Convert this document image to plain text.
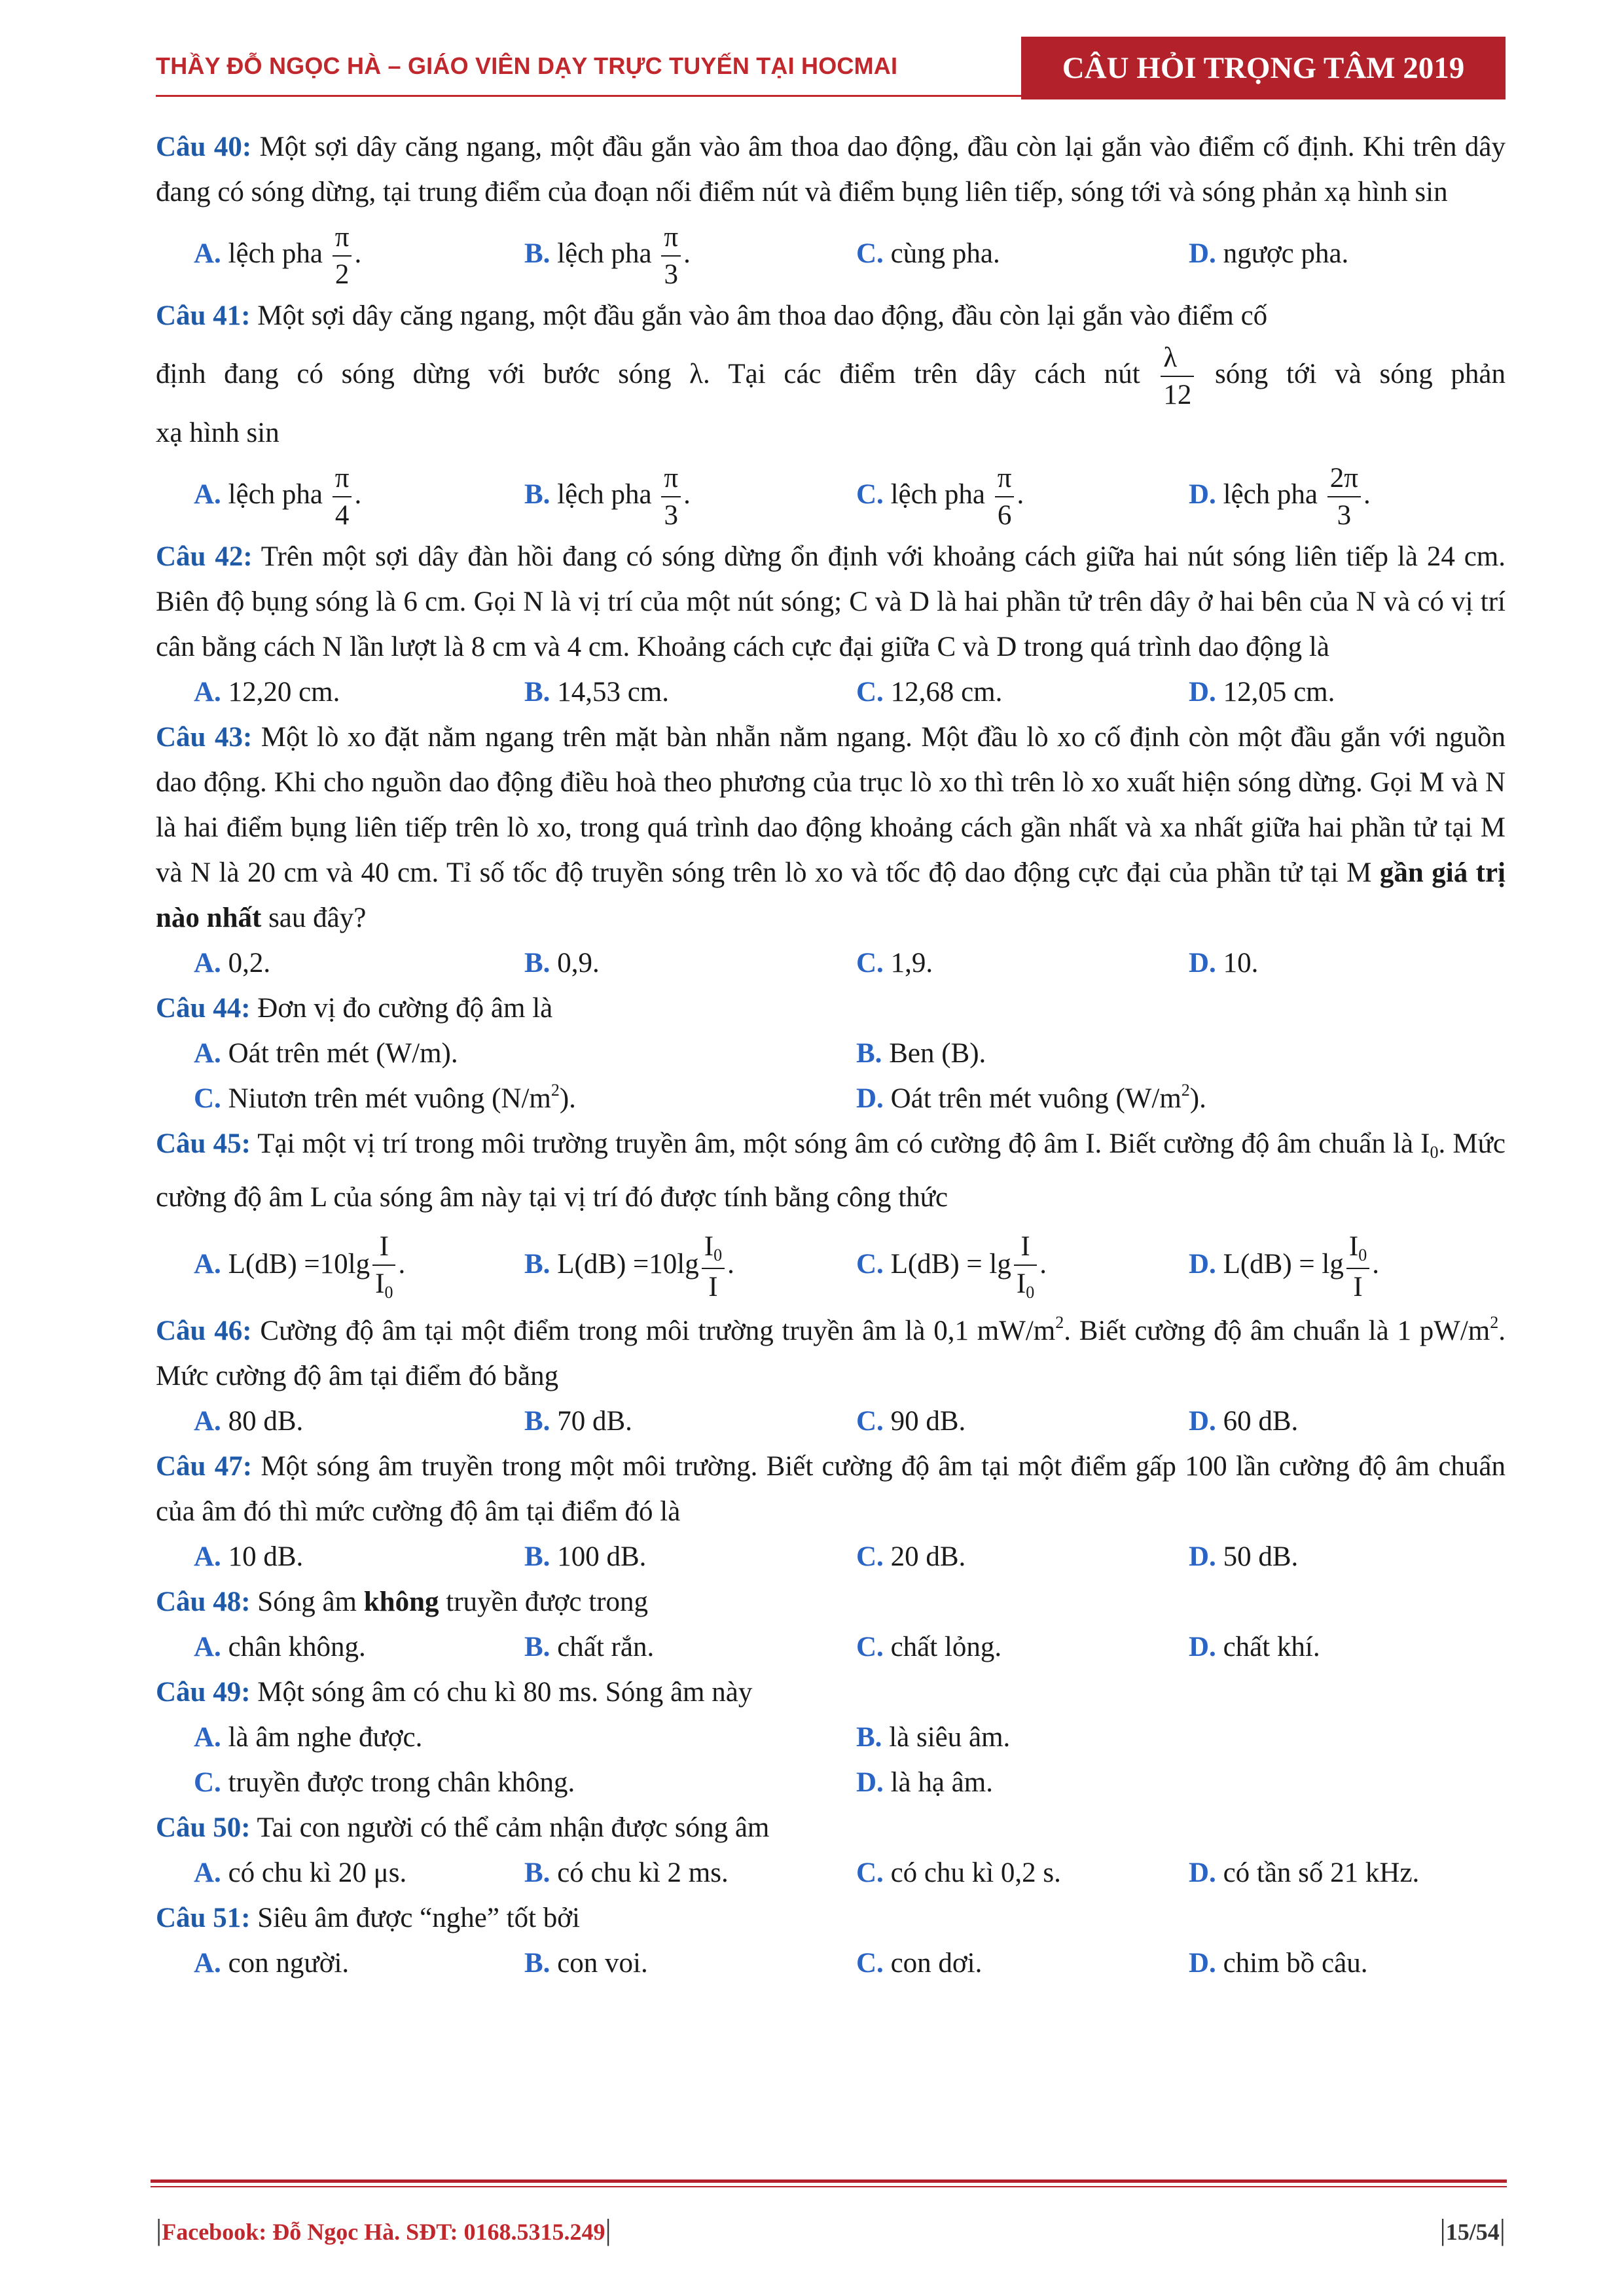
THẦY ĐỖ NGỌC HÀ – GIÁO VIÊN DẠY TRỰC TUYẾN TẠI HOCMAI	CÂU HỎI TRỌNG TÂM 2019

Câu 40: Một sợi dây căng ngang, một đầu gắn vào âm thoa dao động, đầu còn lại gắn vào điểm cố định. Khi trên dây đang có sóng dừng, tại trung điểm của đoạn nối điểm nút và điểm bụng liên tiếp, sóng tới và sóng phản xạ hình sin

A. lệch pha $\frac{\pi}{2}$ .	B. lệch pha $\frac{\pi}{3}$ .	C. cùng pha.	D. ngược pha.

Câu 41: Một sợi dây căng ngang, một đầu gắn vào âm thoa dao động, đầu còn lại gắn vào điểm cố

định đang có sóng dừng với bước sóng λ. Tại các điểm trên dây cách nút $\frac{\lambda}{12}$ sóng tới và sóng phản

xạ hình sin

A. lệch pha $\frac{\pi}{4}$ .	B. lệch pha $\frac{\pi}{3}$ .	C. lệch pha $\frac{\pi}{6}$ .	D. lệch pha $\frac{2\pi}{3}$ .

Câu 42: Trên một sợi dây đàn hồi đang có sóng dừng ổn định với khoảng cách giữa hai nút sóng liên tiếp là 24 cm. Biên độ bụng sóng là 6 cm. Gọi N là vị trí của một nút sóng; C và D là hai phần tử trên dây ở hai bên của N và có vị trí cân bằng cách N lần lượt là 8 cm và 4 cm. Khoảng cách cực đại giữa C và D trong quá trình dao động là

A. 12,20 cm.	B. 14,53 cm.	C. 12,68 cm.	D. 12,05 cm.

Câu 43: Một lò xo đặt nằm ngang trên mặt bàn nhẵn nằm ngang. Một đầu lò xo cố định còn một đầu gắn với nguồn dao động. Khi cho nguồn dao động điều hoà theo phương của trục lò xo thì trên lò xo xuất hiện sóng dừng. Gọi M và N là hai điểm bụng liên tiếp trên lò xo, trong quá trình dao động khoảng cách gần nhất và xa nhất giữa hai phần tử tại M và N là 20 cm và 40 cm. Tỉ số tốc độ truyền sóng trên lò xo và tốc độ dao động cực đại của phần tử tại M gần giá trị nào nhất sau đây?

A. 0,2.	B. 0,9.	C. 1,9.	D. 10.

Câu 44: Đơn vị đo cường độ âm là

A. Oát trên mét (W/m).	B. Ben (B).
C. Niutơn trên mét vuông $(N/m^2)$.	D. Oát trên mét vuông $(W/m^2)$.

Câu 45: Tại một vị trí trong môi trường truyền âm, một sóng âm có cường độ âm I. Biết cường độ âm chuẩn là $I_0$. Mức cường độ âm L của sóng âm này tại vị trí đó được tính bằng công thức

A. $L(dB) =10\lg \frac{I}{I_0}$ .	B. $L(dB) =10\lg \frac{I_0}{I}$ .	C. $L(dB) = \lg \frac{I}{I_0}$ .	D. $L(dB) = \lg \frac{I_0}{I}$ .

Câu 46: Cường độ âm tại một điểm trong môi trường truyền âm là 0,1 $mW/m^2$. Biết cường độ âm chuẩn là 1 $pW/m^2$. Mức cường độ âm tại điểm đó bằng

A. 80 dB.	B. 70 dB.	C. 90 dB.	D. 60 dB.

Câu 47: Một sóng âm truyền trong một môi trường. Biết cường độ âm tại một điểm gấp 100 lần cường độ âm chuẩn của âm đó thì mức cường độ âm tại điểm đó là

A. 10 dB.	B. 100 dB.	C. 20 dB.	D. 50 dB.

Câu 48: Sóng âm không truyền được trong

A. chân không.	B. chất rắn.	C. chất lỏng.	D. chất khí.

Câu 49: Một sóng âm có chu kì 80 ms. Sóng âm này

A. là âm nghe được.	B. là siêu âm.
C. truyền được trong chân không.	D. là hạ âm.

Câu 50: Tai con người có thể cảm nhận được sóng âm

A. có chu kì 20 μs.	B. có chu kì 2 ms.	C. có chu kì 0,2 s.	D. có tần số 21 kHz.

Câu 51: Siêu âm được “nghe” tốt bởi

A. con người.	B. con voi.	C. con dơi.	D. chim bồ câu.
|Facebook: Đỗ Ngọc Hà. SĐT: 0168.5315.249|	|15/54|
